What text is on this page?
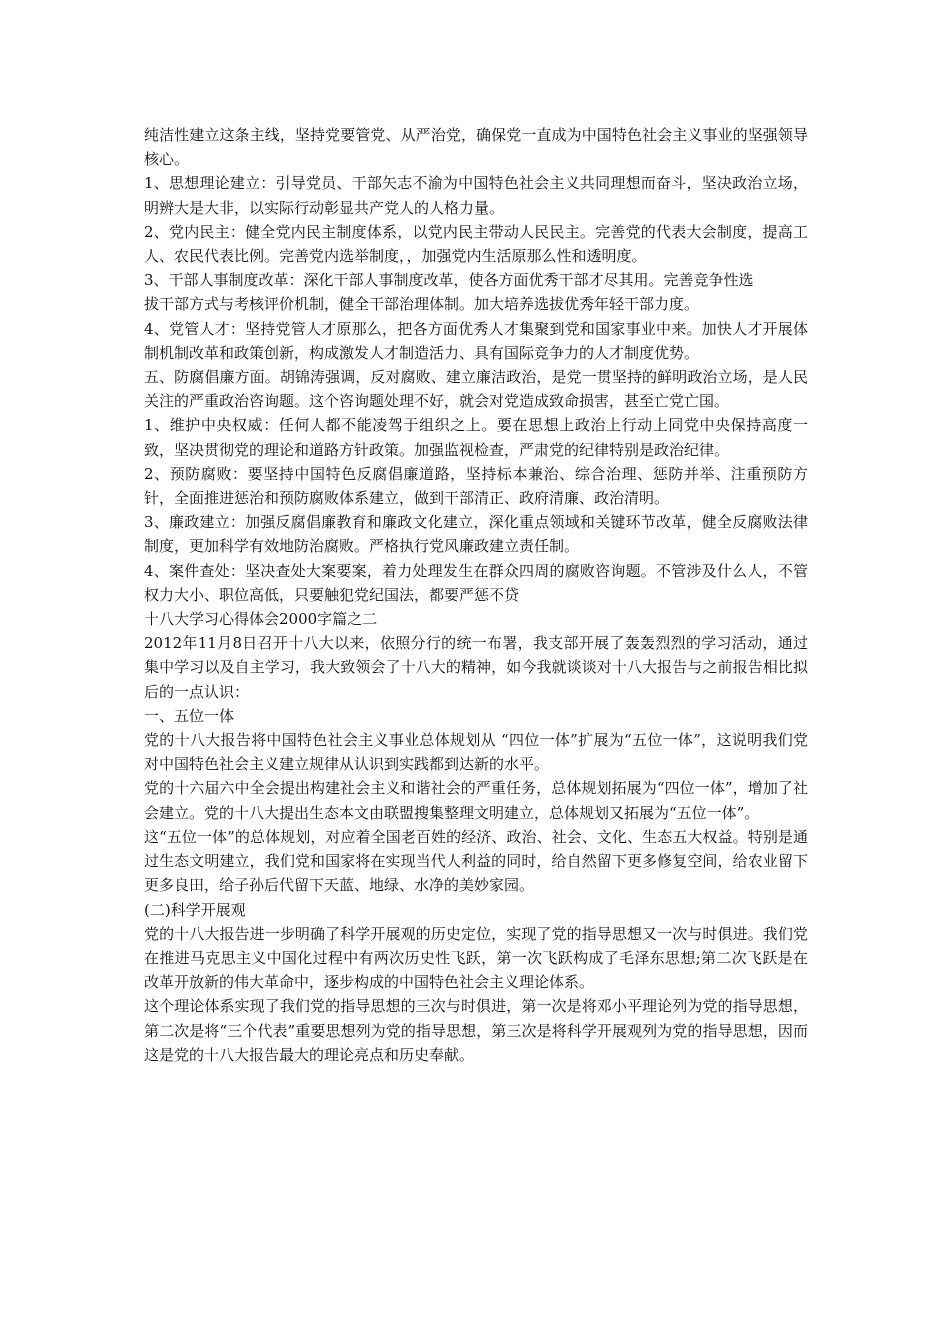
纯洁性建立这条主线，坚持党要管党、从严治党，确保党一直成为中国特色社会主义事业的坚强领导核心。

1、思想理论建立：引导党员、干部矢志不渝为中国特色社会主义共同理想而奋斗，坚决政治立场，明辨大是大非，以实际行动彰显共产党人的人格力量。

2、党内民主：健全党内民主制度体系，以党内民主带动人民民主。完善党的代表大会制度，提高工人、农民代表比例。完善党内选举制度，，加强党内生活原那么性和透明度。

3、干部人事制度改革：深化干部人事制度改革，使各方面优秀干部才尽其用。完善竞争性选

拔干部方式与考核评价机制，健全干部治理体制。加大培养选拔优秀年轻干部力度。

4、党管人才：坚持党管人才原那么，把各方面优秀人才集聚到党和国家事业中来。加快人才开展体制机制改革和政策创新，构成激发人才制造活力、具有国际竞争力的人才制度优势。

五、防腐倡廉方面。胡锦涛强调，反对腐败、建立廉洁政治，是党一贯坚持的鲜明政治立场，是人民关注的严重政治咨询题。这个咨询题处理不好，就会对党造成致命损害，甚至亡党亡国。

1、维护中央权威：任何人都不能凌驾于组织之上。要在思想上政治上行动上同党中央保持高度一致，坚决贯彻党的理论和道路方针政策。加强监视检查，严肃党的纪律特别是政治纪律。

2、预防腐败：要坚持中国特色反腐倡廉道路，坚持标本兼治、综合治理、惩防并举、注重预防方针，全面推进惩治和预防腐败体系建立，做到干部清正、政府清廉、政治清明。

3、廉政建立：加强反腐倡廉教育和廉政文化建立，深化重点领域和关键环节改革，健全反腐败法律制度，更加科学有效地防治腐败。严格执行党风廉政建立责任制。

4、案件查处：坚决查处大案要案，着力处理发生在群众四周的腐败咨询题。不管涉及什么人，不管权力大小、职位高低，只要触犯党纪国法，都要严惩不贷

十八大学习心得体会2000字篇之二

2012年11月8日召开十八大以来，依照分行的统一布署，我支部开展了轰轰烈烈的学习活动，通过集中学习以及自主学习，我大致领会了十八大的精神，如今我就谈谈对十八大报告与之前报告相比拟后的一点认识：

一、五位一体

党的十八大报告将中国特色社会主义事业总体规划从 “四位一体”扩展为“五位一体”，这说明我们党对中国特色社会主义建立规律从认识到实践都到达新的水平。

党的十六届六中全会提出构建社会主义和谐社会的严重任务，总体规划拓展为“四位一体”，增加了社会建立。党的十八大提出生态本文由联盟搜集整理文明建立，总体规划又拓展为“五位一体”。

这“五位一体”的总体规划，对应着全国老百姓的经济、政治、社会、文化、生态五大权益。特别是通过生态文明建立，我们党和国家将在实现当代人利益的同时，给自然留下更多修复空间，给农业留下更多良田，给子孙后代留下天蓝、地绿、水净的美妙家园。

(二)科学开展观

党的十八大报告进一步明确了科学开展观的历史定位，实现了党的指导思想又一次与时俱进。我们党在推进马克思主义中国化过程中有两次历史性飞跃，第一次飞跃构成了毛泽东思想;第二次飞跃是在改革开放新的伟大革命中，逐步构成的中国特色社会主义理论体系。

这个理论体系实现了我们党的指导思想的三次与时俱进，第一次是将邓小平理论列为党的指导思想，第二次是将“三个代表”重要思想列为党的指导思想，第三次是将科学开展观列为党的指导思想，因而这是党的十八大报告最大的理论亮点和历史奉献。
